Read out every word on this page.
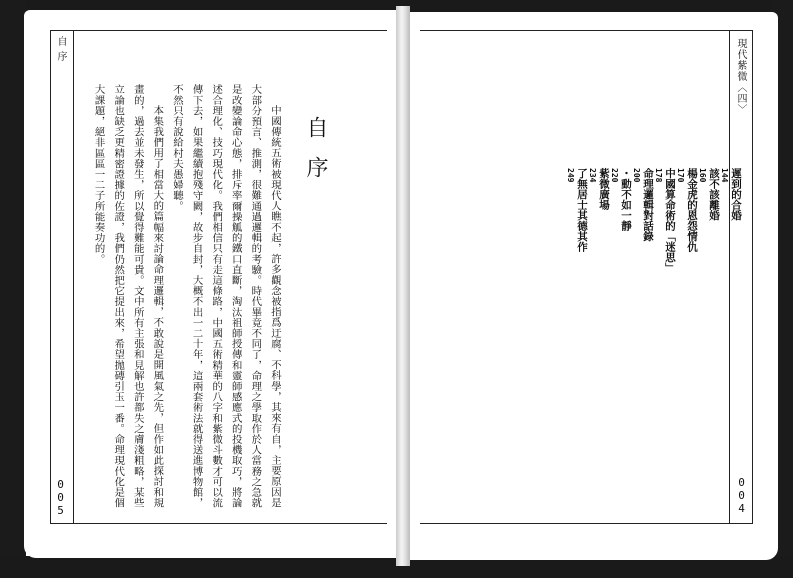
自序
005
自序

中國傳統五術被現代人瞧不起，許多觀念被指爲迂腐、不科學，其來有自，主要原因是大部分預言、推測，很難通過邏輯的考驗。時代畢竟不同了，命理之學取作於人當務之急就是改變論命心態，排斥率爾操觚的鐵口直斷，淘汰祖師授傳和靈師感應式的投機取巧，將論述合理化、技巧現代化。我們相信只有走這條路，中國五術精華的八字和紫微斗數才可以流傳下去，如果繼續抱殘守闕，故步自封，大概不出一二十年，這兩套術法就得送進博物館，不然只有說給村夫愚婦聽。

本集我們用了相當大的篇幅來討論命理邏輯，不敢說是開風氣之先，但作如此探討和規畫的，過去並未發生，所以覺得難能可貴。文中所有主張和見解也許都失之膚淺粗略，某些立論也缺乏更精密證據的佐證，我們仍然把它提出來，希望拋磚引玉一番。命理現代化是個大課題，絕非區區一二子所能奏功的。

現代紫微〈四〉
004
遲到的合婚
144
該不該離婚
160
楊金虎的恩怨情仇
170
中國算命術的「迷思」
178
命理邏輯對話錄
200
・動不如一靜
220
紫微廣場
234
了無居士其德其作
249
